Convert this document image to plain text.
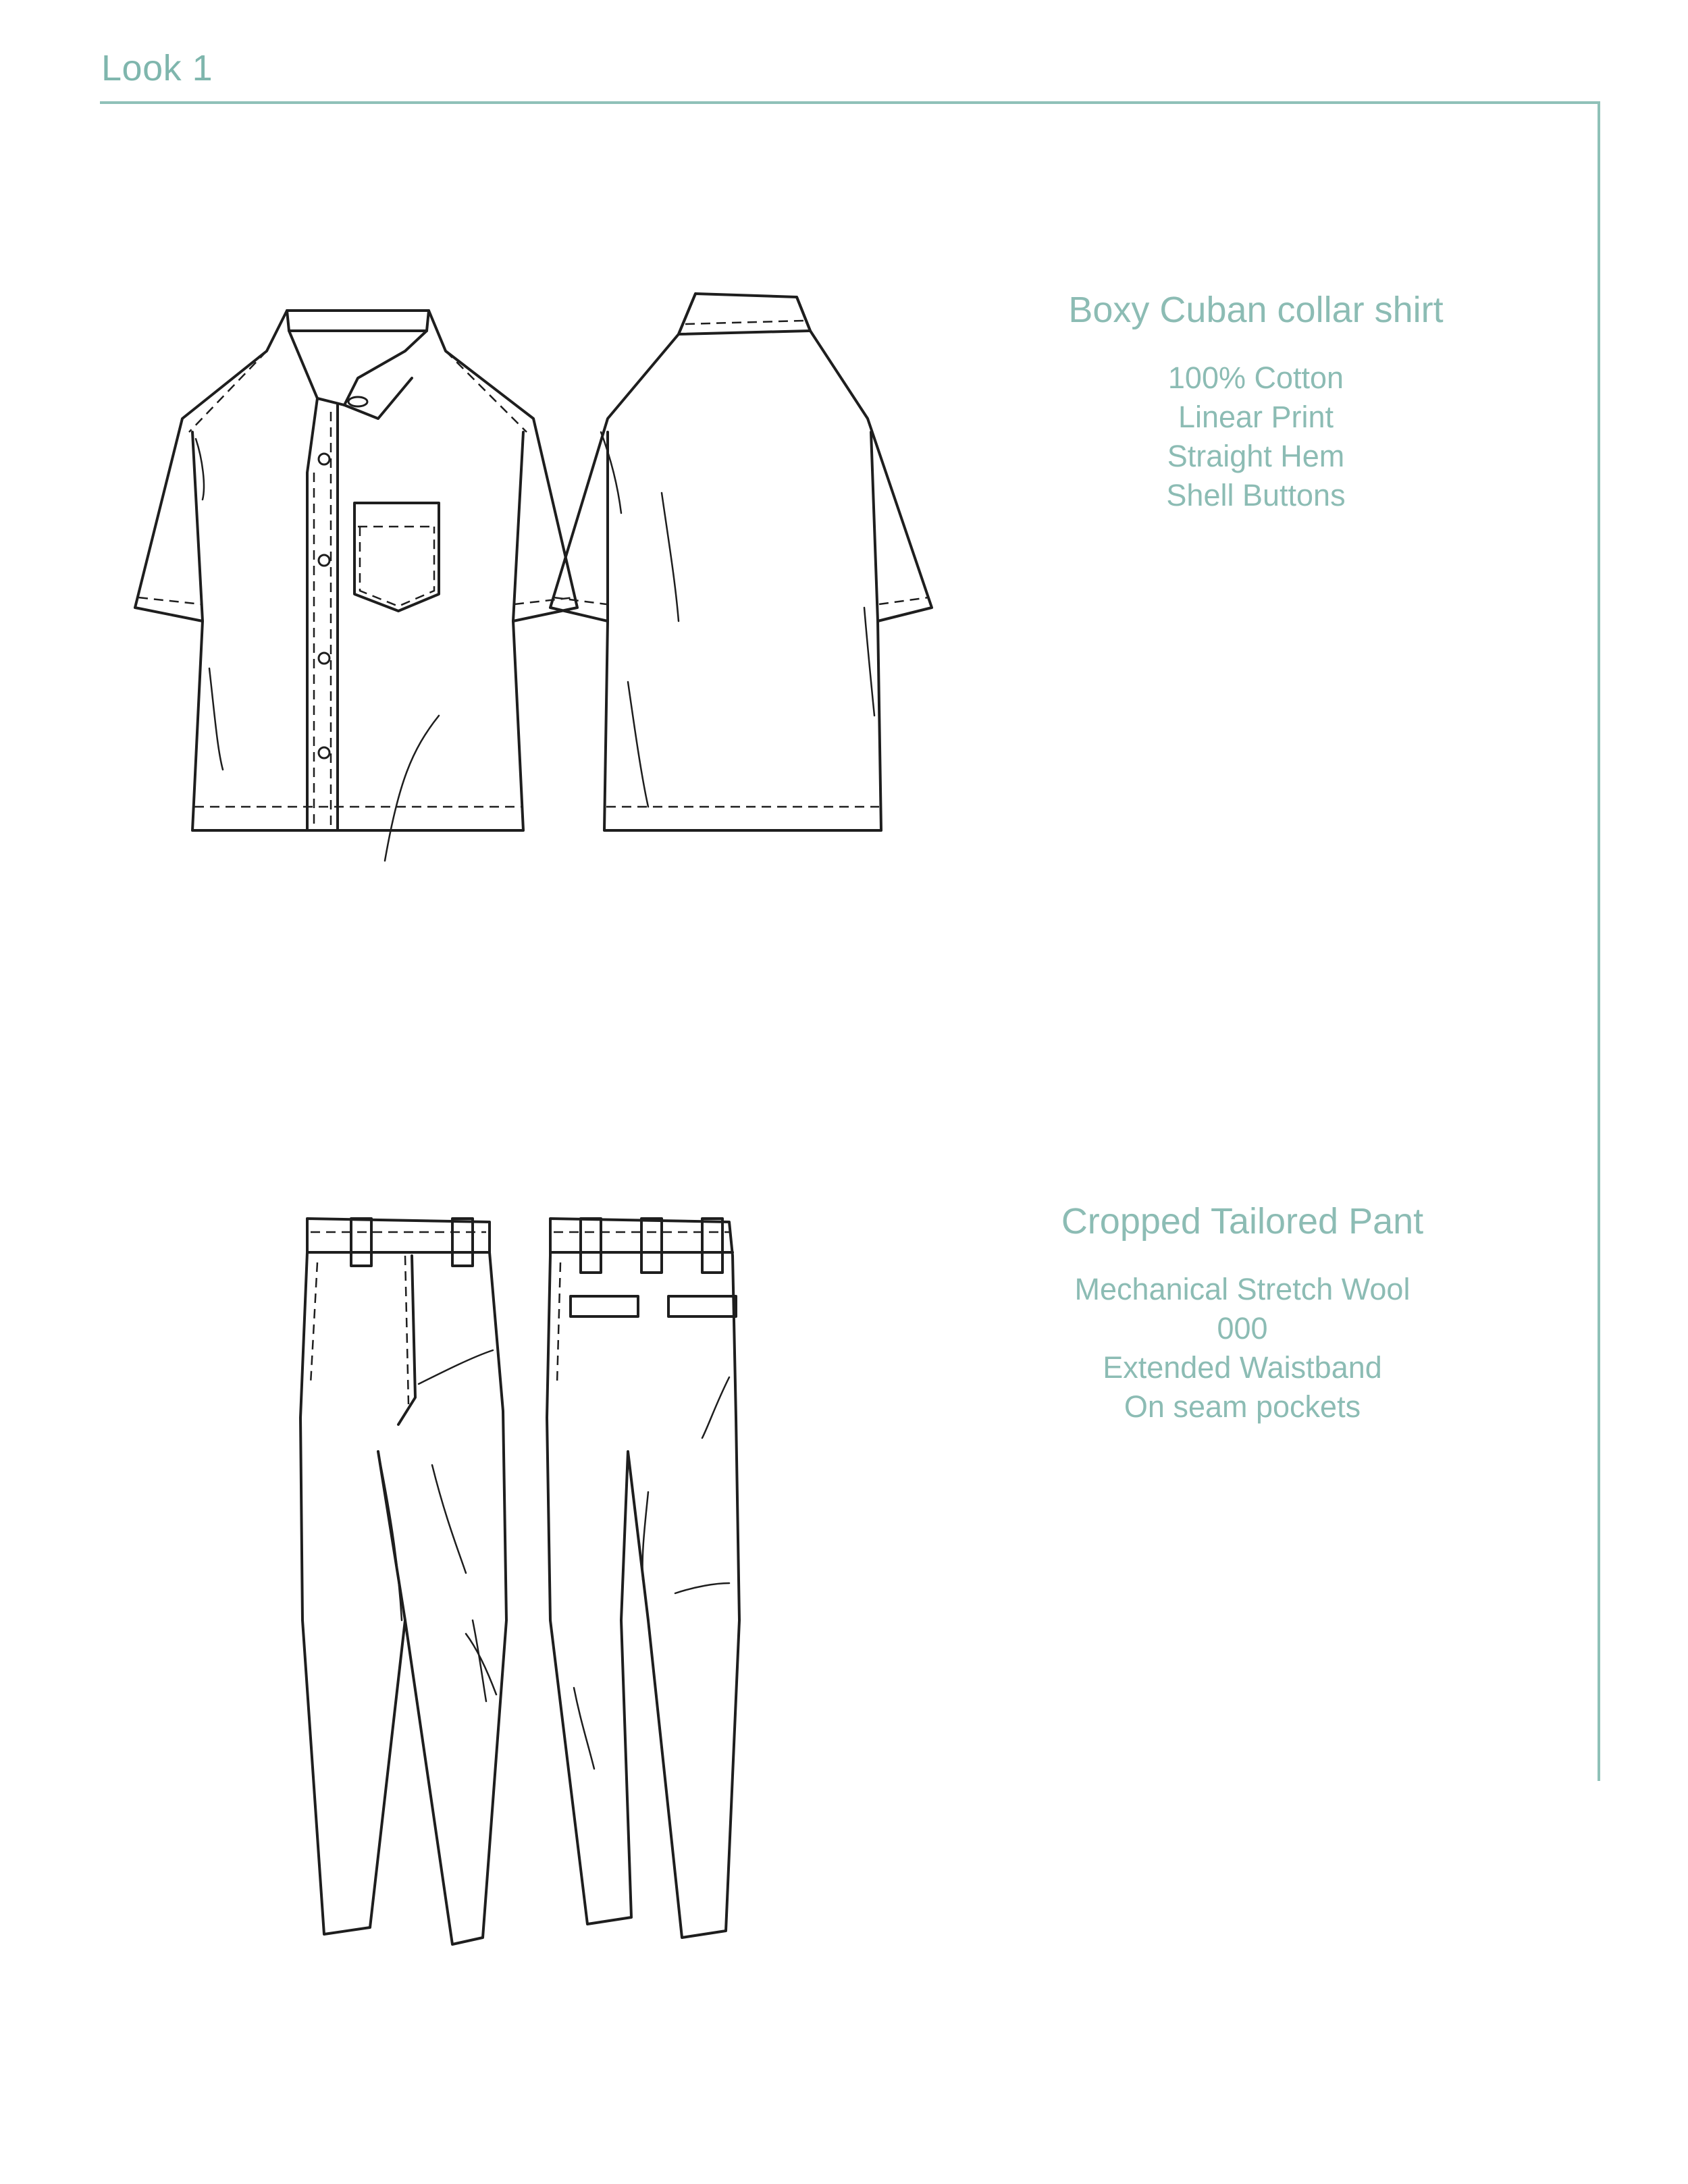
Look 1
Boxy Cuban collar shirt
100% Cotton
Linear Print
Straight Hem
Shell Buttons
Cropped Tailored Pant
Mechanical Stretch Wool
000
Extended Waistband
On seam pockets
